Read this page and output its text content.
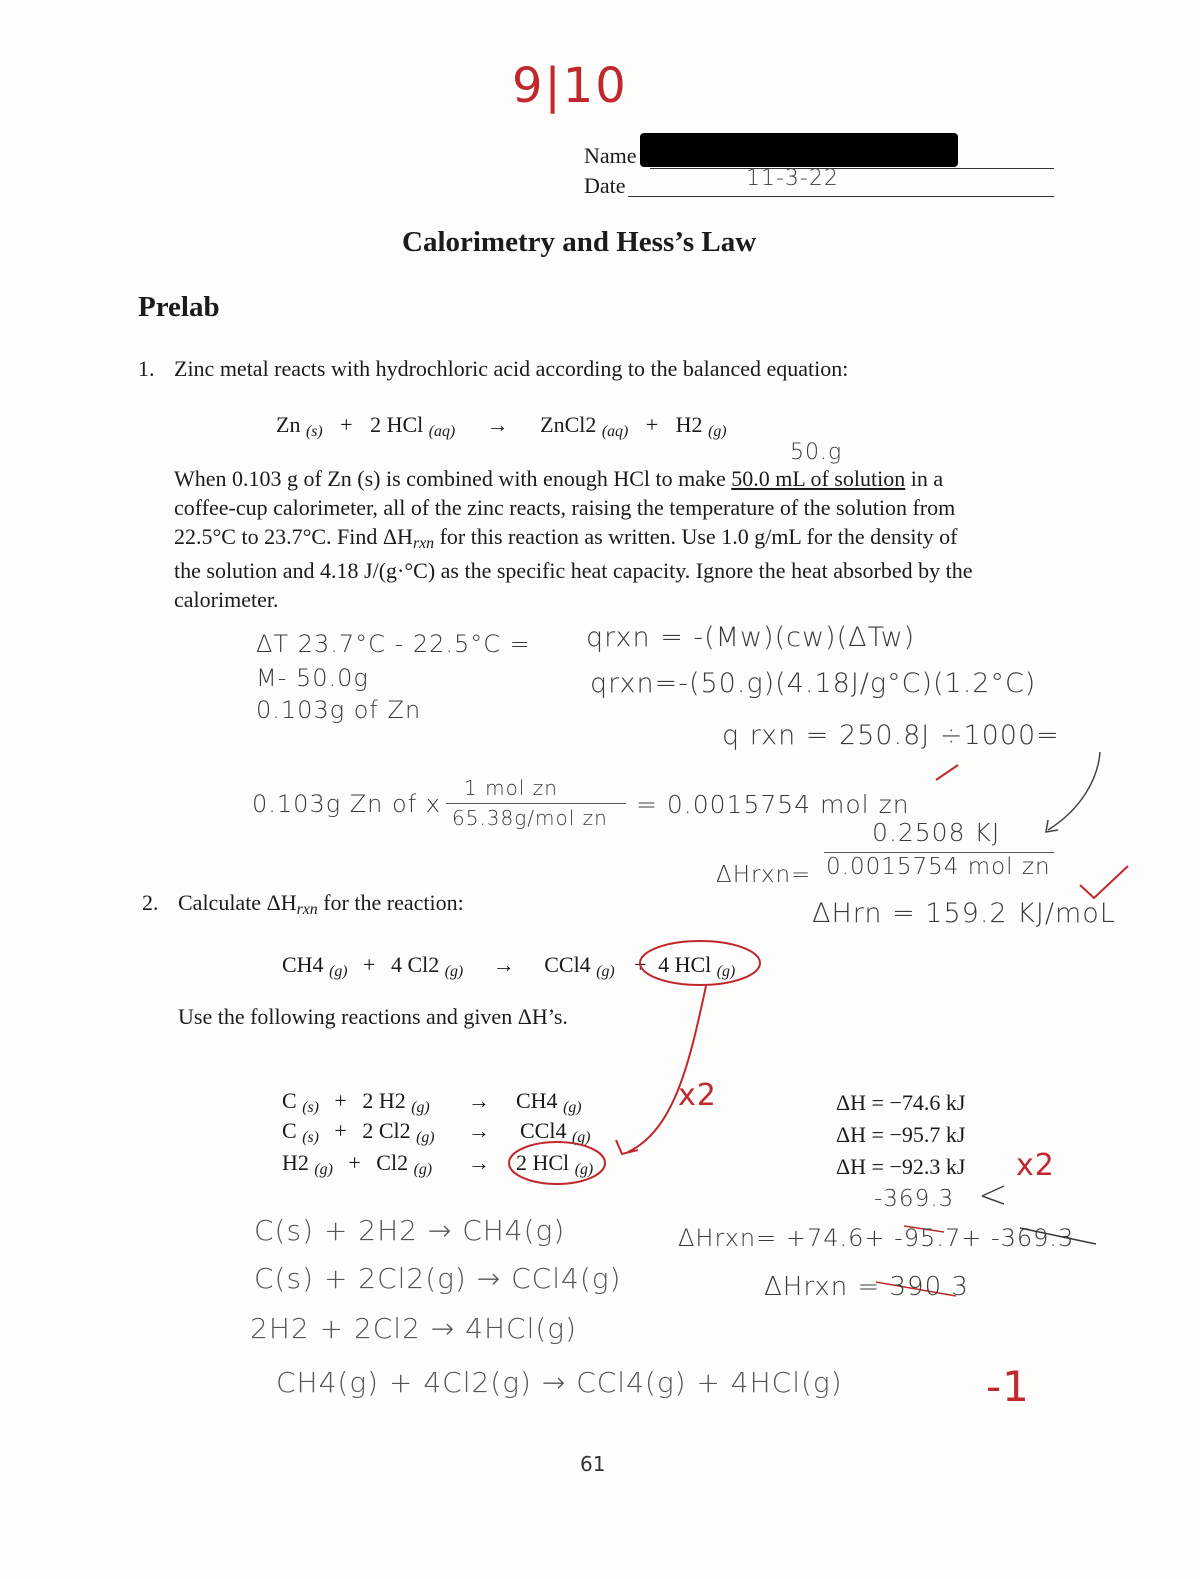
9|10
Name
Date	11-3-22
Calorimetry and Hess’s Law
Prelab
1. Zinc metal reacts with hydrochloric acid according to the balanced equation:
Zn $_{(s)}$ + 2 HCl $_{(aq)}$ → ZnCl2 $_{(aq)}$ + H2 $_{(g)}$
50.g
When 0.103 g of Zn (s) is combined with enough HCl to make 50.0 mL of solution in a
coffee-cup calorimeter, all of the zinc reacts, raising the temperature of the solution from
22.5°C to 23.7°C. Find $\Delta H_{rxn}$ for this reaction as written. Use 1.0 g/mL for the density of
the solution and 4.18 J/(g·°C) as the specific heat capacity. Ignore the heat absorbed by the
calorimeter.
ΔT 23.7°C - 22.5°C =
M- 50.0g
0.103g of Zn
qrxn = -(Mw)(cw)(ΔTw)
qrxn=-(50.g)(4.18J/g°C)(1.2°C)
q rxn = 250.8J ÷1000=
0.103g Zn of x
1 mol zn
65.38g/mol zn = 0.0015754 mol zn
0.2508 KJ
ΔHrxn= 0.0015754 mol zn
ΔHrn = 159.2 KJ/moL
2. Calculate $\Delta H_{rxn}$ for the reaction:
CH4 $_{(g)}$ + 4 Cl2 $_{(g)}$ → CCl4 $_{(g)}$ + 4 HCl $_{(g)}$
Use the following reactions and given ΔH’s.
C $_{(s)}$ + 2 H2 $_{(g)}$ → CH4 $_{(g)}$	ΔH = −74.6 kJ
C $_{(s)}$ + 2 Cl2 $_{(g)}$ → CCl4 $_{(g)}$	ΔH = −95.7 kJ
H2 $_{(g)}$ + Cl2 $_{(g)}$ → 2 HCl $_{(g)}$	ΔH = −92.3 kJ
x2
x2
-369.3
ΔHrxn= +74.6+ -95.7+ -369.3
ΔHrxn = 390.3
C(s) + 2H2 → CH4(g)
C(s) + 2Cl2(g) → CCl4(g)
2H2 + 2Cl2 → 4HCl(g)
CH4(g) + 4Cl2(g) → CCl4(g) + 4HCl(g)	-1
61
